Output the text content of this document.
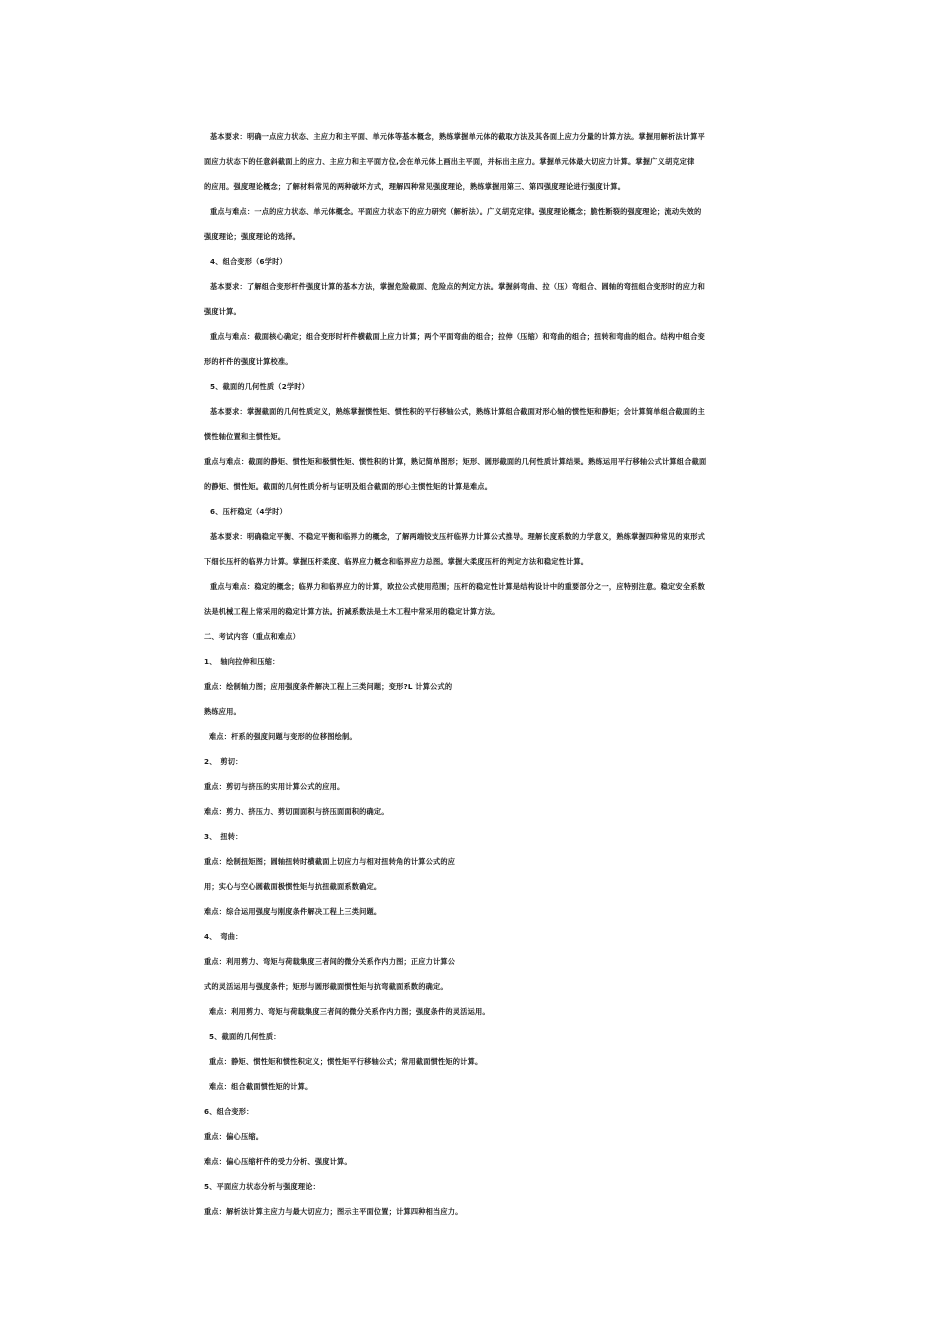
基本要求：明确一点应力状态、主应力和主平面、单元体等基本概念，熟练掌握单元体的截取方法及其各面上应力分量的计算方法。掌握用解析法计算平
面应力状态下的任意斜截面上的应力、主应力和主平面方位,会在单元体上画出主平面，并标出主应力。掌握单元体最大切应力计算。掌握广义胡克定律
的应用。强度理论概念；了解材料常见的两种破坏方式，理解四种常见强度理论，熟练掌握用第三、第四强度理论进行强度计算。
重点与难点：一点的应力状态、单元体概念。平面应力状态下的应力研究（解析法）。广义胡克定律。强度理论概念；脆性断裂的强度理论；流动失效的
强度理论；强度理论的选择。
4、组合变形（6学时）
基本要求：了解组合变形杆件强度计算的基本方法，掌握危险截面、危险点的判定方法。掌握斜弯曲、拉（压）弯组合、圆轴的弯扭组合变形时的应力和
强度计算。
重点与难点：截面核心确定；组合变形时杆件横截面上应力计算；两个平面弯曲的组合；拉伸（压缩）和弯曲的组合；扭转和弯曲的组合。结构中组合变
形的杆件的强度计算校准。
5、截面的几何性质（2学时）
基本要求：掌握截面的几何性质定义，熟练掌握惯性矩、惯性积的平行移轴公式，熟练计算组合截面对形心轴的惯性矩和静矩；会计算简单组合截面的主
惯性轴位置和主惯性矩。
重点与难点：截面的静矩、惯性矩和极惯性矩、惯性积的计算，熟记简单图形；矩形、圆形截面的几何性质计算结果。熟练运用平行移轴公式计算组合截面
的静矩、惯性矩。截面的几何性质分析与证明及组合截面的形心主惯性矩的计算是难点。
6、压杆稳定（4学时）
基本要求：明确稳定平衡、不稳定平衡和临界力的概念，了解两端铰支压杆临界力计算公式推导。理解长度系数的力学意义，熟练掌握四种常见的束形式
下细长压杆的临界力计算。掌握压杆柔度、临界应力概念和临界应力总图。掌握大柔度压杆的判定方法和稳定性计算。
重点与难点：稳定的概念；临界力和临界应力的计算，欧拉公式使用范围；压杆的稳定性计算是结构设计中的重要部分之一，应特别注意。稳定安全系数
法是机械工程上常采用的稳定计算方法。折减系数法是土木工程中常采用的稳定计算方法。
二、考试内容（重点和难点）
1、　轴向拉伸和压缩：
重点：绘制轴力图；应用强度条件解决工程上三类问题；变形?L 计算公式的
熟练应用。
难点：杆系的强度问题与变形的位移图绘制。
2、　剪切：
重点：剪切与挤压的实用计算公式的应用。
难点：剪力、挤压力、剪切面面积与挤压面面积的确定。
3、　扭转：
重点：绘制扭矩图；圆轴扭转时横截面上切应力与相对扭转角的计算公式的应
用；实心与空心圆截面极惯性矩与抗扭截面系数确定。
难点：综合运用强度与刚度条件解决工程上三类问题。
4、　弯曲：
重点：利用剪力、弯矩与荷载集度三者间的微分关系作内力图；正应力计算公
式的灵活运用与强度条件；矩形与圆形截面惯性矩与抗弯截面系数的确定。
难点：利用剪力、弯矩与荷载集度三者间的微分关系作内力图；强度条件的灵活运用。
5、截面的几何性质：
重点：静矩、惯性矩和惯性积定义；惯性矩平行移轴公式；常用截面惯性矩的计算。
难点：组合截面惯性矩的计算。
6、组合变形：
重点：偏心压缩。
难点：偏心压缩杆件的受力分析、强度计算。
5、平面应力状态分析与强度理论：
重点：解析法计算主应力与最大切应力；图示主平面位置；计算四种相当应力。
